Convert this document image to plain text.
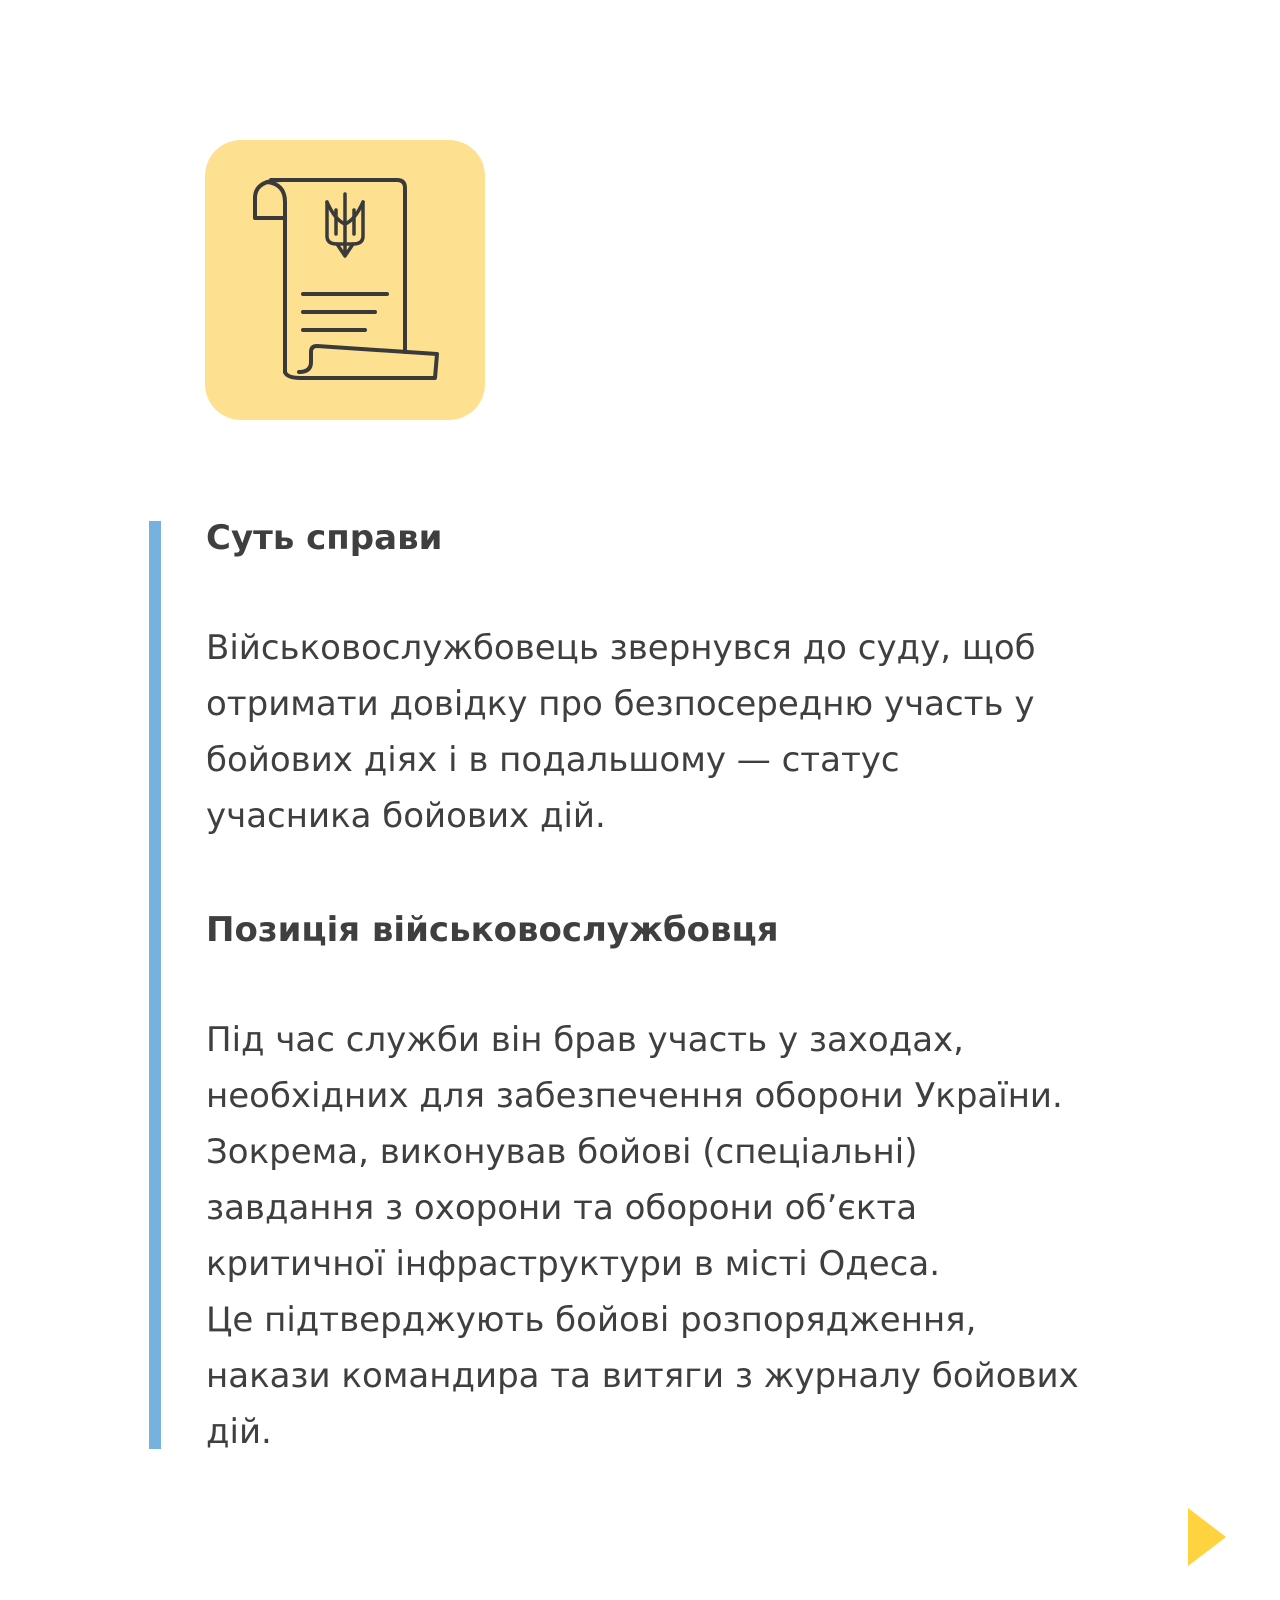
Суть справи

Військовослужбовець звернувся до суду, щоб
отримати довідку про безпосередню участь у
бойових діях і в подальшому — статус
учасника бойових дій.

Позиція військовослужбовця

Під час служби він брав участь у заходах,
необхідних для забезпечення оборони України.
Зокрема, виконував бойові (спеціальні)
завдання з охорони та оборони об’єкта
критичної інфраструктури в місті Одеса.
Це підтверджують бойові розпорядження,
накази командира та витяги з журналу бойових
дій.
